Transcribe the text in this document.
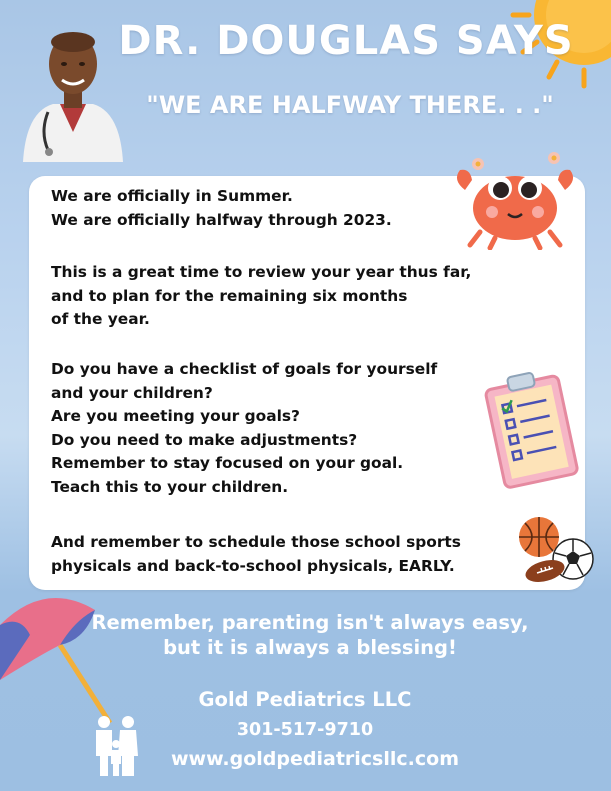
DR. DOUGLAS SAYS
"WE ARE HALFWAY THERE. . ."
We are officially in Summer.
We are officially halfway through 2023.
This is a great time to review your year thus far,
and to plan for the remaining six months
of the year.
Do you have a checklist of goals for yourself
and your children?
Are you meeting your goals?
Do you need to make adjustments?
Remember to stay focused on your goal.
Teach this to your children.
And remember to schedule those school sports
physicals and back-to-school physicals, EARLY.
Remember, parenting isn't always easy,
but it is always a blessing!
Gold Pediatrics LLC
301-517-9710
www.goldpediatricsllc.com
